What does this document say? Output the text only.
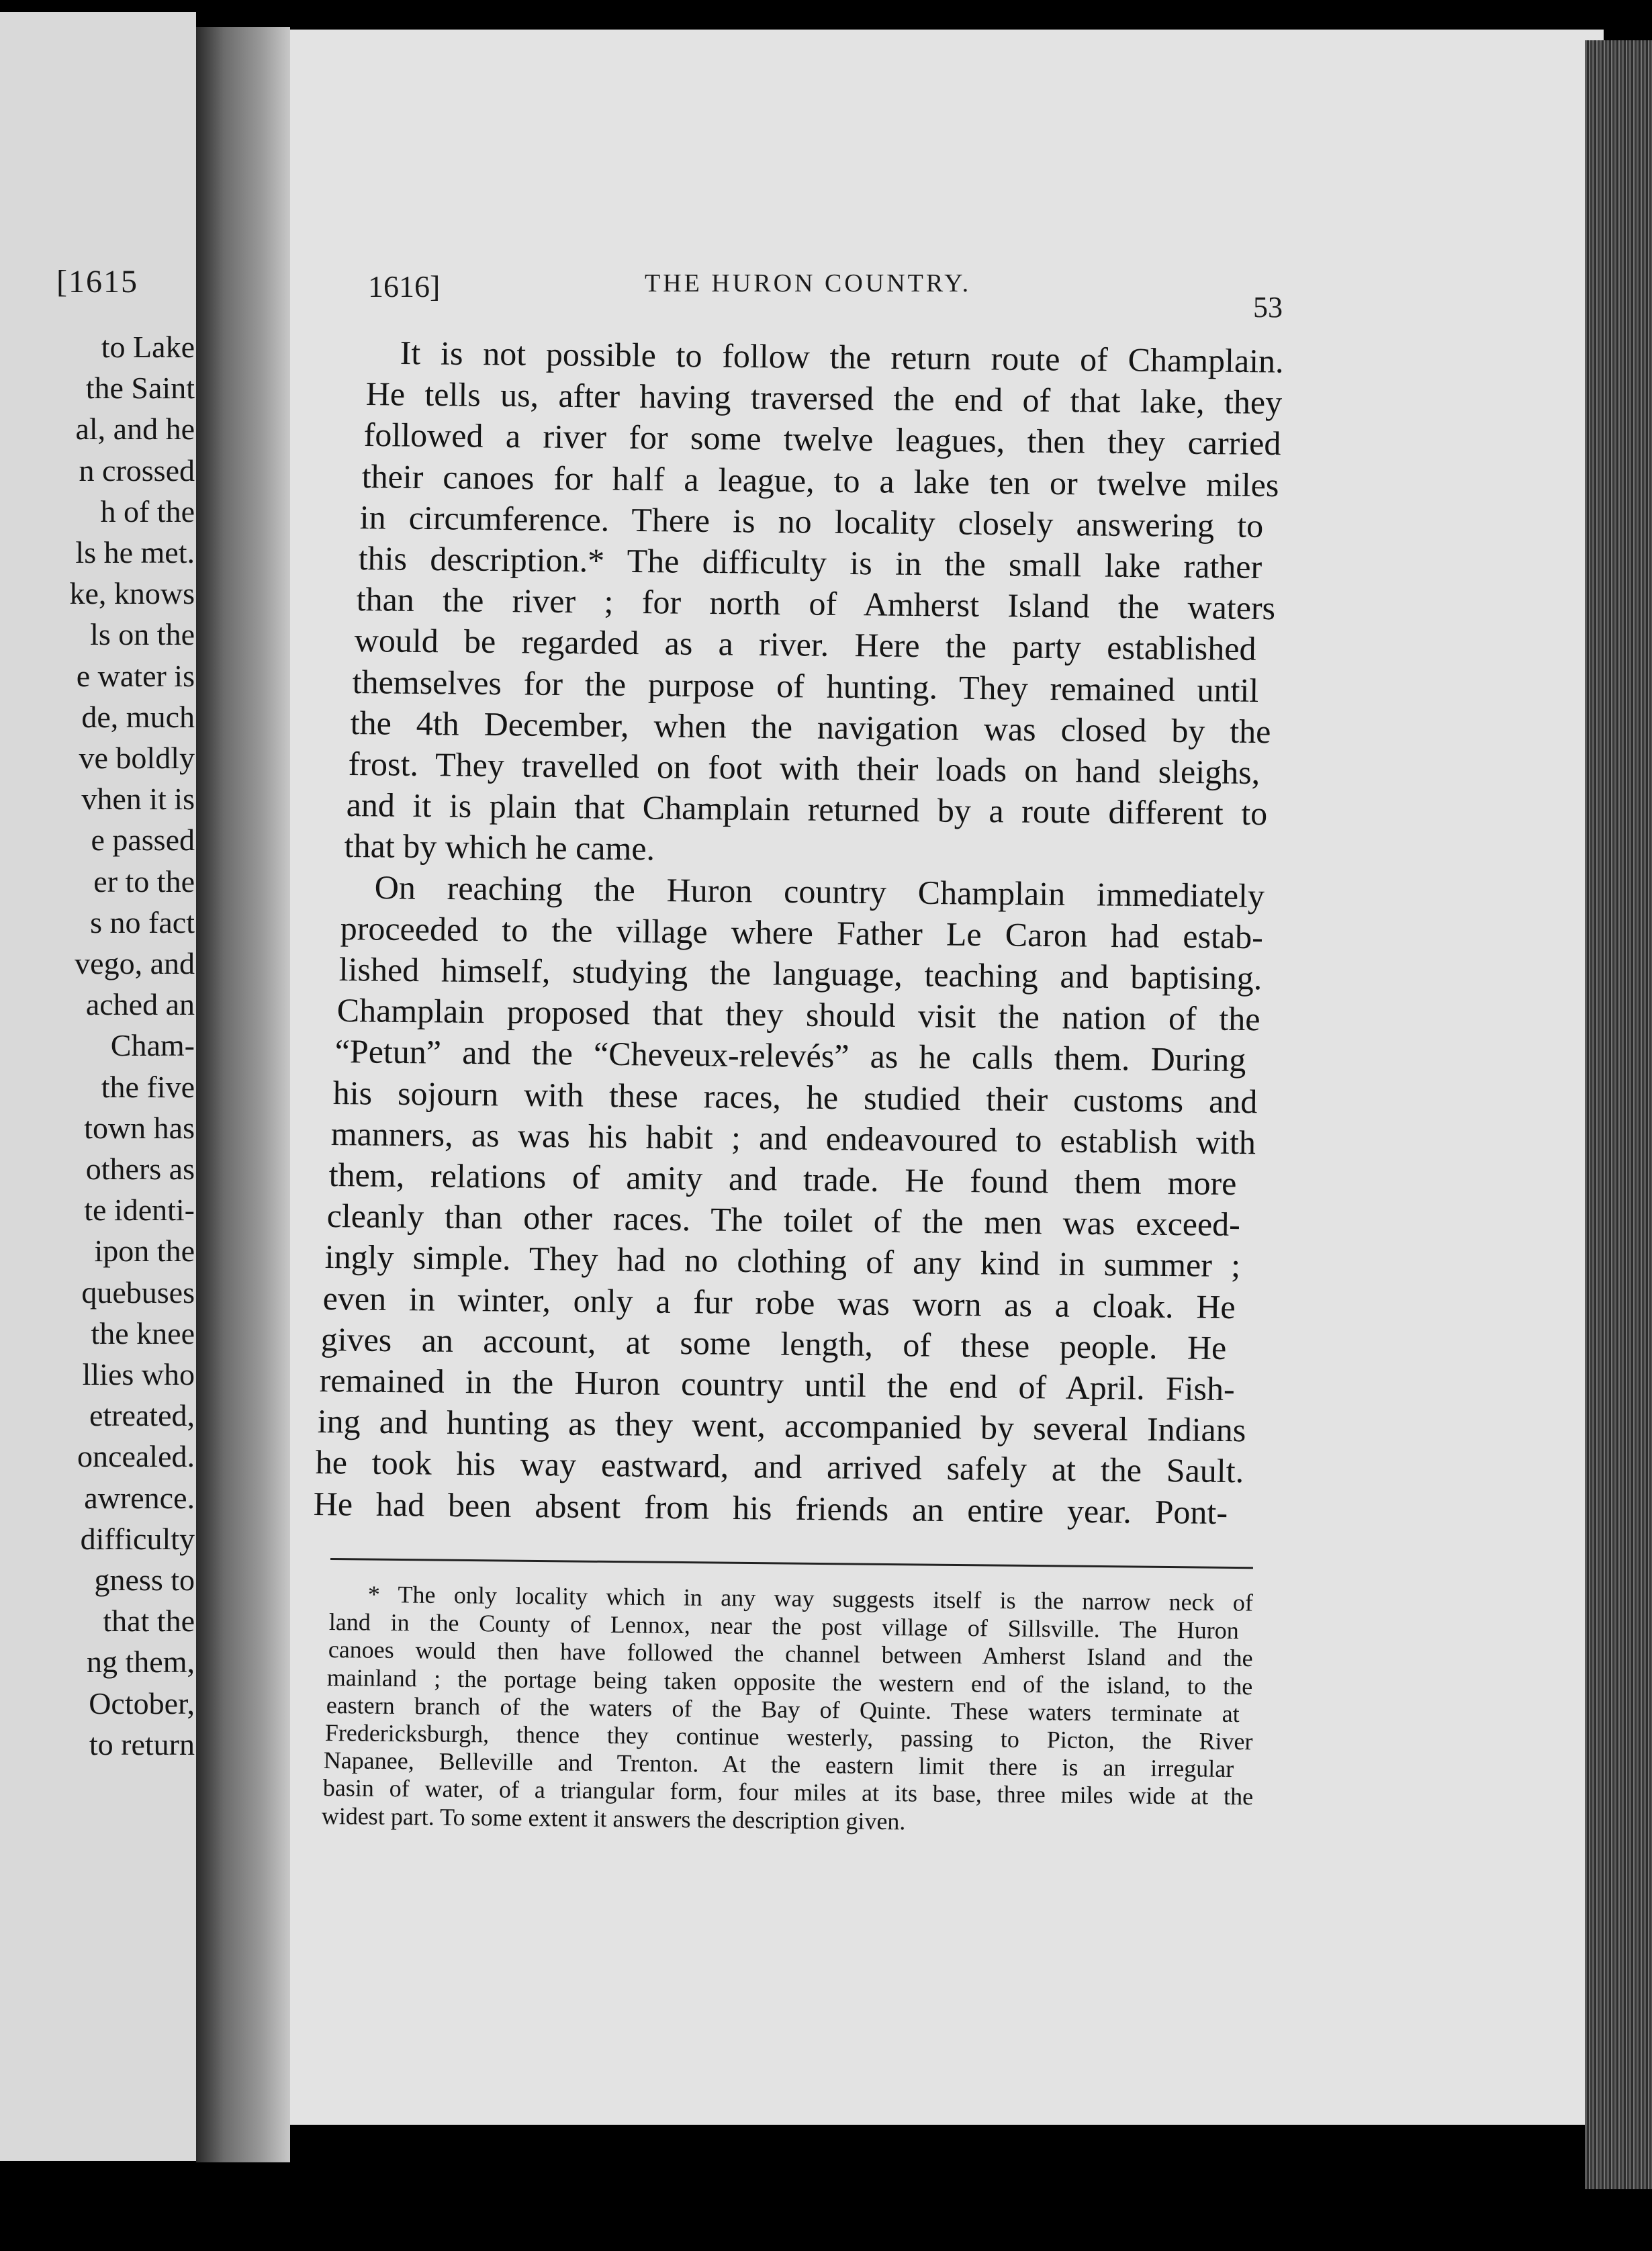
[1615
to Lake
the Saint
al, and he
n crossed
h of the
ls he met.
ke, knows
ls on the
e water is
de, much
ve boldly
vhen it is
e passed
er to the
s no fact
vego, and
ached an
Cham-
the five
town has
others as
te identi-
ipon the
quebuses
the knee
llies who
etreated,
oncealed.
awrence.
difficulty
gness to
that the
ng them,
October,
to return
1616]	THE HURON COUNTRY.
53
It is not possible to follow the return route of Champlain.
He tells us, after having traversed the end of that lake, they
followed a river for some twelve leagues, then they carried
their canoes for half a league, to a lake ten or twelve miles
in circumference. There is no locality closely answering to
this description.* The difficulty is in the small lake rather
than the river ; for north of Amherst Island the waters
would be regarded as a river. Here the party established
themselves for the purpose of hunting. They remained until
the 4th December, when the navigation was closed by the
frost. They travelled on foot with their loads on hand sleighs,
and it is plain that Champlain returned by a route different to
that by which he came.
On reaching the Huron country Champlain immediately
proceeded to the village where Father Le Caron had estab-
lished himself, studying the language, teaching and baptising.
Champlain proposed that they should visit the nation of the
“Petun” and the “Cheveux-relevés” as he calls them. During
his sojourn with these races, he studied their customs and
manners, as was his habit ; and endeavoured to establish with
them, relations of amity and trade. He found them more
cleanly than other races. The toilet of the men was exceed-
ingly simple. They had no clothing of any kind in summer ;
even in winter, only a fur robe was worn as a cloak. He
gives an account, at some length, of these people. He
remained in the Huron country until the end of April. Fish-
ing and hunting as they went, accompanied by several Indians
he took his way eastward, and arrived safely at the Sault.
He had been absent from his friends an entire year. Pont-
* The only locality which in any way suggests itself is the narrow neck of
land in the County of Lennox, near the post village of Sillsville. The Huron
canoes would then have followed the channel between Amherst Island and the
mainland ; the portage being taken opposite the western end of the island, to the
eastern branch of the waters of the Bay of Quinte. These waters terminate at
Fredericksburgh, thence they continue westerly, passing to Picton, the River
Napanee, Belleville and Trenton. At the eastern limit there is an irregular
basin of water, of a triangular form, four miles at its base, three miles wide at the
widest part. To some extent it answers the description given.
